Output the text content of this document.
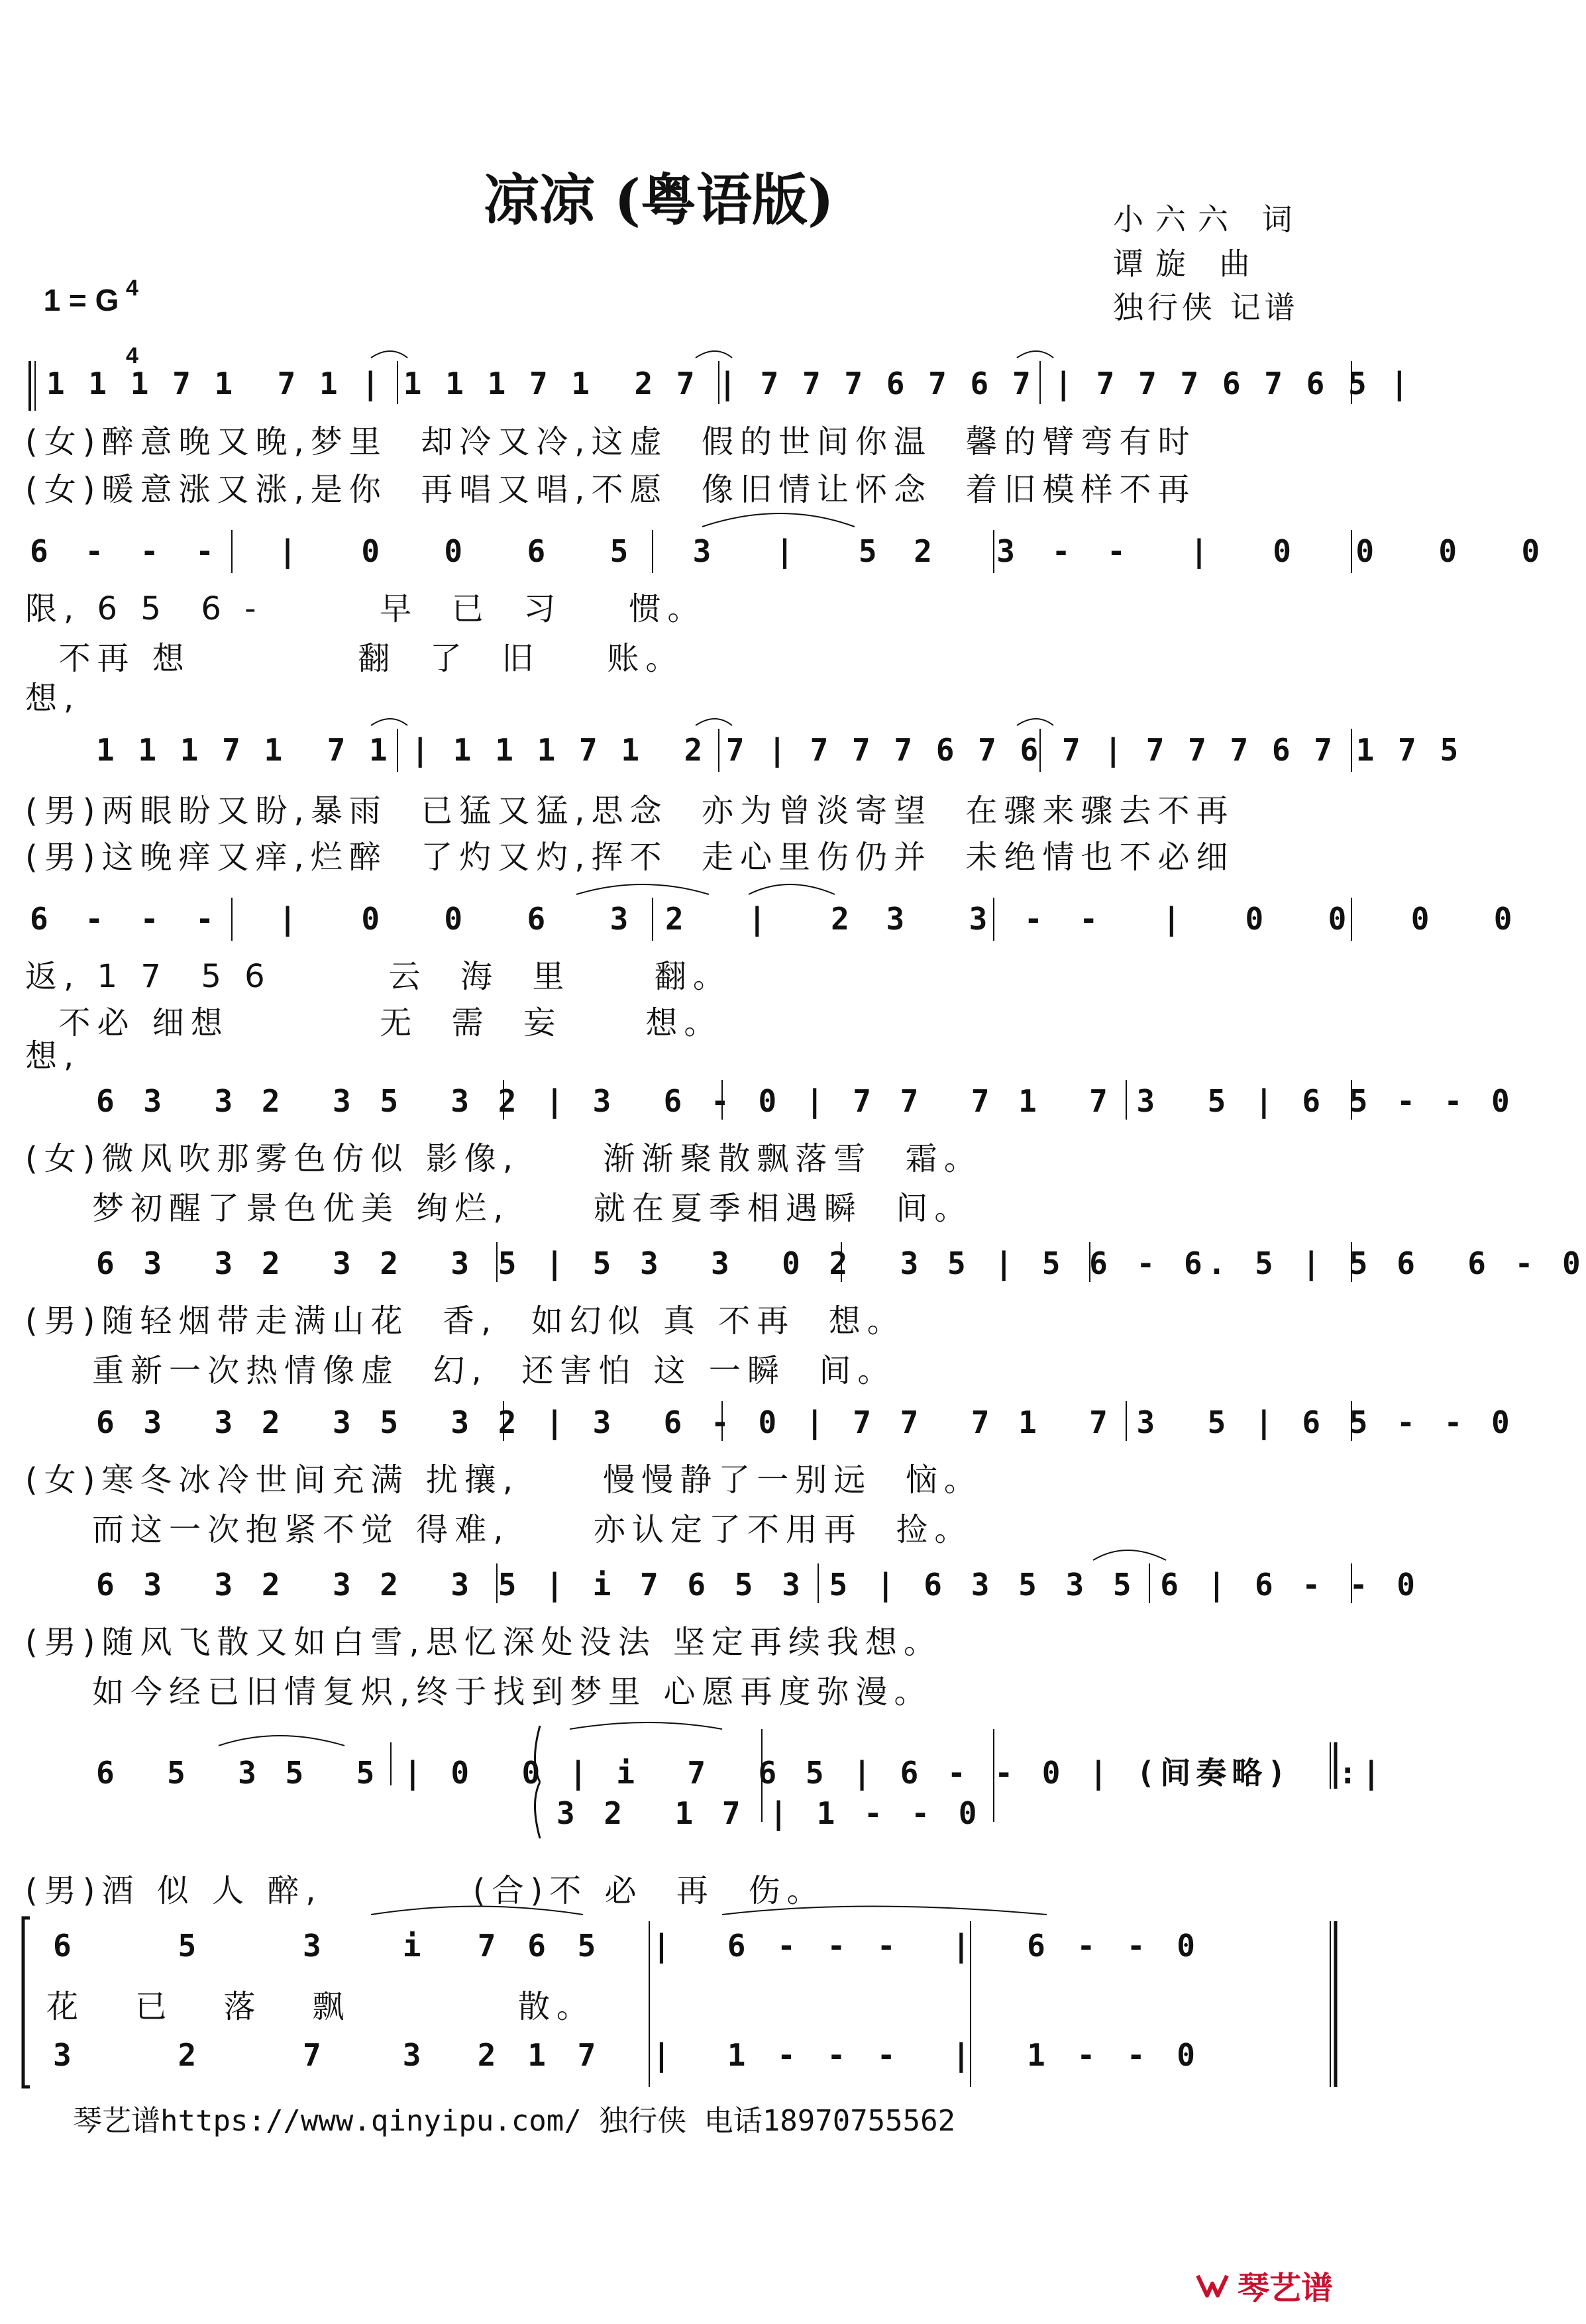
凉凉 (粤语版)	小六六 词
谭旋 曲
独行侠 记谱

1 = G

4

4

1 1 1 7 1  7 1 | 1 1 1 7 1  2 7 | 7 7 7 6 7 6 7 | 7 7 7 6 7 6 5 |
(女)醉意晚又晚,梦里  却冷又冷,这虚  假的世间你温  馨的臂弯有时
(女)暖意涨又涨,是你  再唱又唱,不愿  像旧情让怀念  着旧模样不再
6 - - -  |  0  0  6  5  3  |  5 2  3 - -  |  0  0  0  0
限, 6 5  6 -       早  已  习    惯。
不再 想          翻  了  旧    账。
想,
1 1 1 7 1  7 1 | 1 1 1 7 1  2 7 | 7 7 7 6 7 6 7 | 7 7 7 6 7 1 7 5
(男)两眼盼又盼,暴雨  已猛又猛,思念  亦为曾淡寄望  在骤来骤去不再
(男)这晚痒又痒,烂醉  了灼又灼,挥不  走心里伤仍并  未绝情也不必细
6 - - -  |  0  0  6  3 2  |  2 3  3 - -  |  0  0  0  0
返, 1 7  5 6       云  海  里     翻。
不必 细想         无  需  妄     想。
想,
6 3  3 2  3 5  3 2 | 3  6 - 0 | 7 7  7 1  7 3  5 | 6 5 - - 0
(女)微风吹那雾色仿似 影像,     渐渐聚散飘落雪  霜。
梦初醒了景色优美 绚烂,     就在夏季相遇瞬  间。
6 3  3 2  3 2  3 5 | 5 3  3  0 2  3 5 | 5 6 - 6. 5 | 5 6  6 - 0
(男)随轻烟带走满山花  香,  如幻似 真 不再  想。
重新一次热情像虚  幻,  还害怕 这 一瞬  间。
6 3  3 2  3 5  3 2 | 3  6 - 0 | 7 7  7 1  7 3  5 | 6 5 - - 0
(女)寒冬冰冷世间充满 扰攘,     慢慢静了一别远  恼。
而这一次抱紧不觉 得难,     亦认定了不用再  捡。
6 3  3 2  3 2  3 5 | i 7 6 5 3 5 | 6 3 5 3 5 6 | 6 - - 0
(男)随风飞散又如白雪,思忆深处没法 坚定再续我想。
如今经已旧情复炽,终于找到梦里 心愿再度弥漫。
6  5  3 5  5 | 0  0 | i  7  6 5 | 6 - - 0 | (间奏略)  :|
3 2  1 7 | 1 - - 0
(男)酒 似 人 醉,         (合)不 必  再  伤。
6    5    3   i  7 6 5  |  6 - - -  |  6 - - 0
花   已   落   飘          散。
3    2    7   3  2 1 7  |  1 - - -  |  1 - - 0
琴艺谱https://www.qinyipu.com/ 独行侠 电话18970755562
琴艺谱
